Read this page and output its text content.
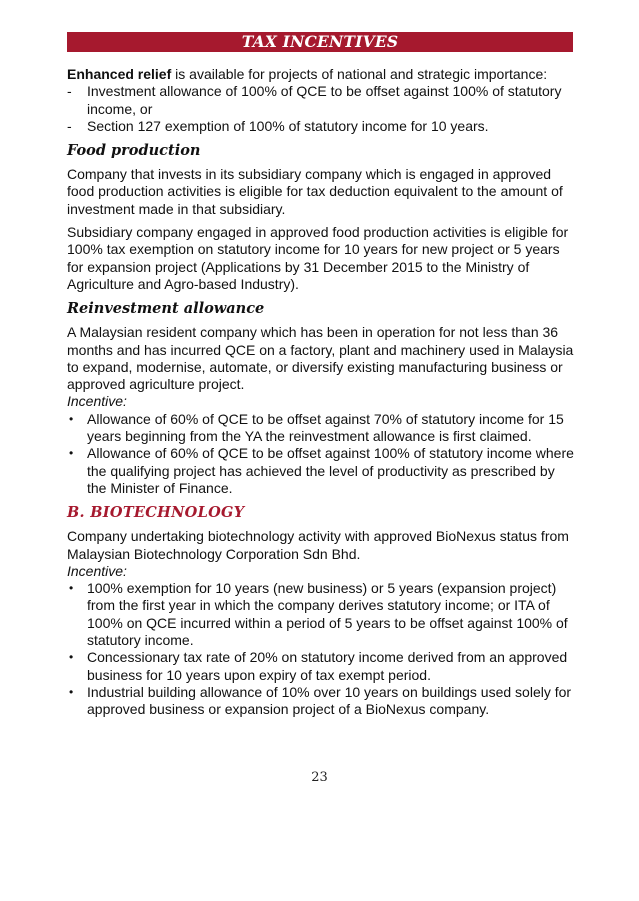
TAX INCENTIVES

Enhanced relief is available for projects of national and strategic importance:

- Investment allowance of 100% of QCE to be offset against 100% of statutory income, or
- Section 127 exemption of 100% of statutory income for 10 years.
Food production

Company that invests in its subsidiary company which is engaged in approved food production activities is eligible for tax deduction equivalent to the amount of investment made in that subsidiary.

Subsidiary company engaged in approved food production activities is eligible for 100% tax exemption on statutory income for 10 years for new project or 5 years for expansion project (Applications by 31 December 2015 to the Ministry of Agriculture and Agro-based Industry).

Reinvestment allowance

A Malaysian resident company which has been in operation for not less than 36 months and has incurred QCE on a factory, plant and machinery used in Malaysia to expand, modernise, automate, or diversify existing manufacturing business or approved agriculture project.

Incentive:

• Allowance of 60% of QCE to be offset against 70% of statutory income for 15 years beginning from the YA the reinvestment allowance is first claimed.
• Allowance of 60% of QCE to be offset against 100% of statutory income where the qualifying project has achieved the level of productivity as prescribed by the Minister of Finance.
B. BIOTECHNOLOGY

Company undertaking biotechnology activity with approved BioNexus status from Malaysian Biotechnology Corporation Sdn Bhd.

Incentive:

• 100% exemption for 10 years (new business) or 5 years (expansion project) from the first year in which the company derives statutory income; or ITA of 100% on QCE incurred within a period of 5 years to be offset against 100% of statutory income.
• Concessionary tax rate of 20% on statutory income derived from an approved business for 10 years upon expiry of tax exempt period.
• Industrial building allowance of 10% over 10 years on buildings used solely for approved business or expansion project of a BioNexus company.
23
